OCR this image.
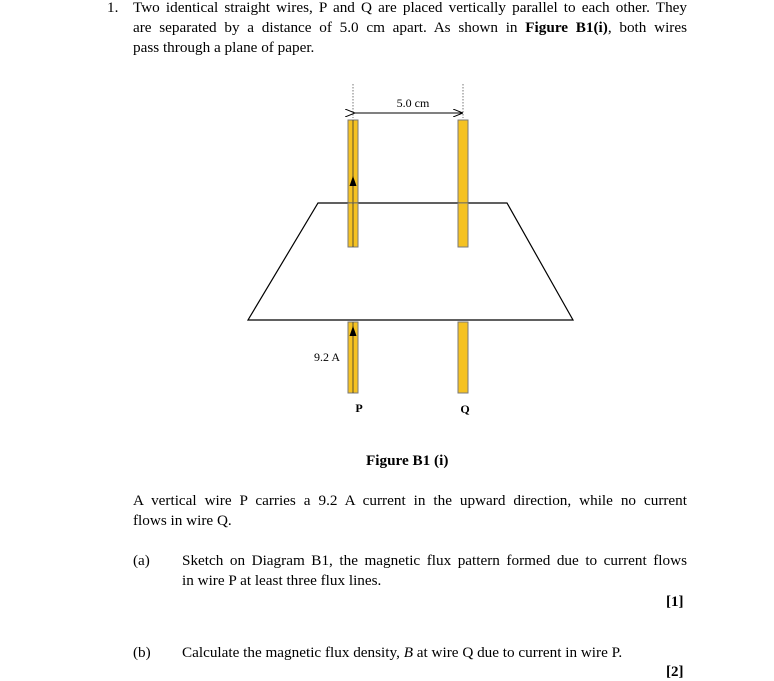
1. Two identical straight wires, P and Q are placed vertically parallel to each other. They
are separated by a distance of 5.0 cm apart. As shown in Figure B1(i), both wires
pass through a plane of paper.
5.0 cm
9.2 A
P	Q
Figure B1 (i)
A vertical wire P carries a 9.2 A current in the upward direction, while no current
flows in wire Q.
(a) Sketch on Diagram B1, the magnetic flux pattern formed due to current flows
in wire P at least three flux lines.
[1]
(b) Calculate the magnetic flux density, B at wire Q due to current in wire P.
[2]
